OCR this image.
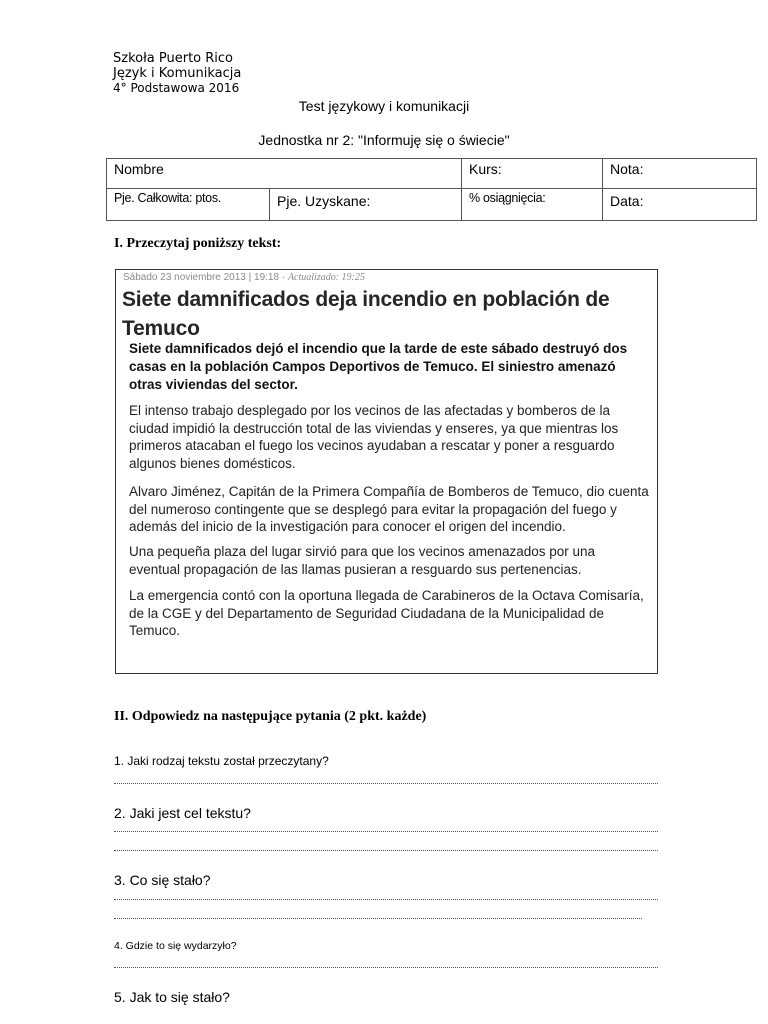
Szkoła Puerto Rico
Język i Komunikacja
4° Podstawowa 2016
Test językowy i komunikacji
Jednostka nr 2: "Informuję się o świecie"
Nombre		Kurs:	Nota:
Pje. Całkowita: ptos.	Pje. Uzyskane:	% osiągnięcia:	Data:
I. Przeczytaj poniższy tekst:
Sábado 23 noviembre 2013 | 19:18 · Actualizado: 19:25
Siete damnificados deja incendio en población de Temuco
Siete damnificados dejó el incendio que la tarde de este sábado destruyó dos casas en la población Campos Deportivos de Temuco. El siniestro amenazó otras viviendas del sector.
El intenso trabajo desplegado por los vecinos de las afectadas y bomberos de la ciudad impidió la destrucción total de las viviendas y enseres, ya que mientras los primeros atacaban el fuego los vecinos ayudaban a rescatar y poner a resguardo algunos bienes domésticos.
Alvaro Jiménez, Capitán de la Primera Compañía de Bomberos de Temuco, dio cuenta del numeroso contingente que se desplegó para evitar la propagación del fuego y además del inicio de la investigación para conocer el origen del incendio.
Una pequeña plaza del lugar sirvió para que los vecinos amenazados por una eventual propagación de las llamas pusieran a resguardo sus pertenencias.
La emergencia contó con la oportuna llegada de Carabineros de la Octava Comisaría, de la CGE y del Departamento de Seguridad Ciudadana de la Municipalidad de Temuco.
II. Odpowiedz na następujące pytania (2 pkt. każde)
1. Jaki rodzaj tekstu został przeczytany?
2. Jaki jest cel tekstu?
3. Co się stało?
4. Gdzie to się wydarzyło?
5. Jak to się stało?
